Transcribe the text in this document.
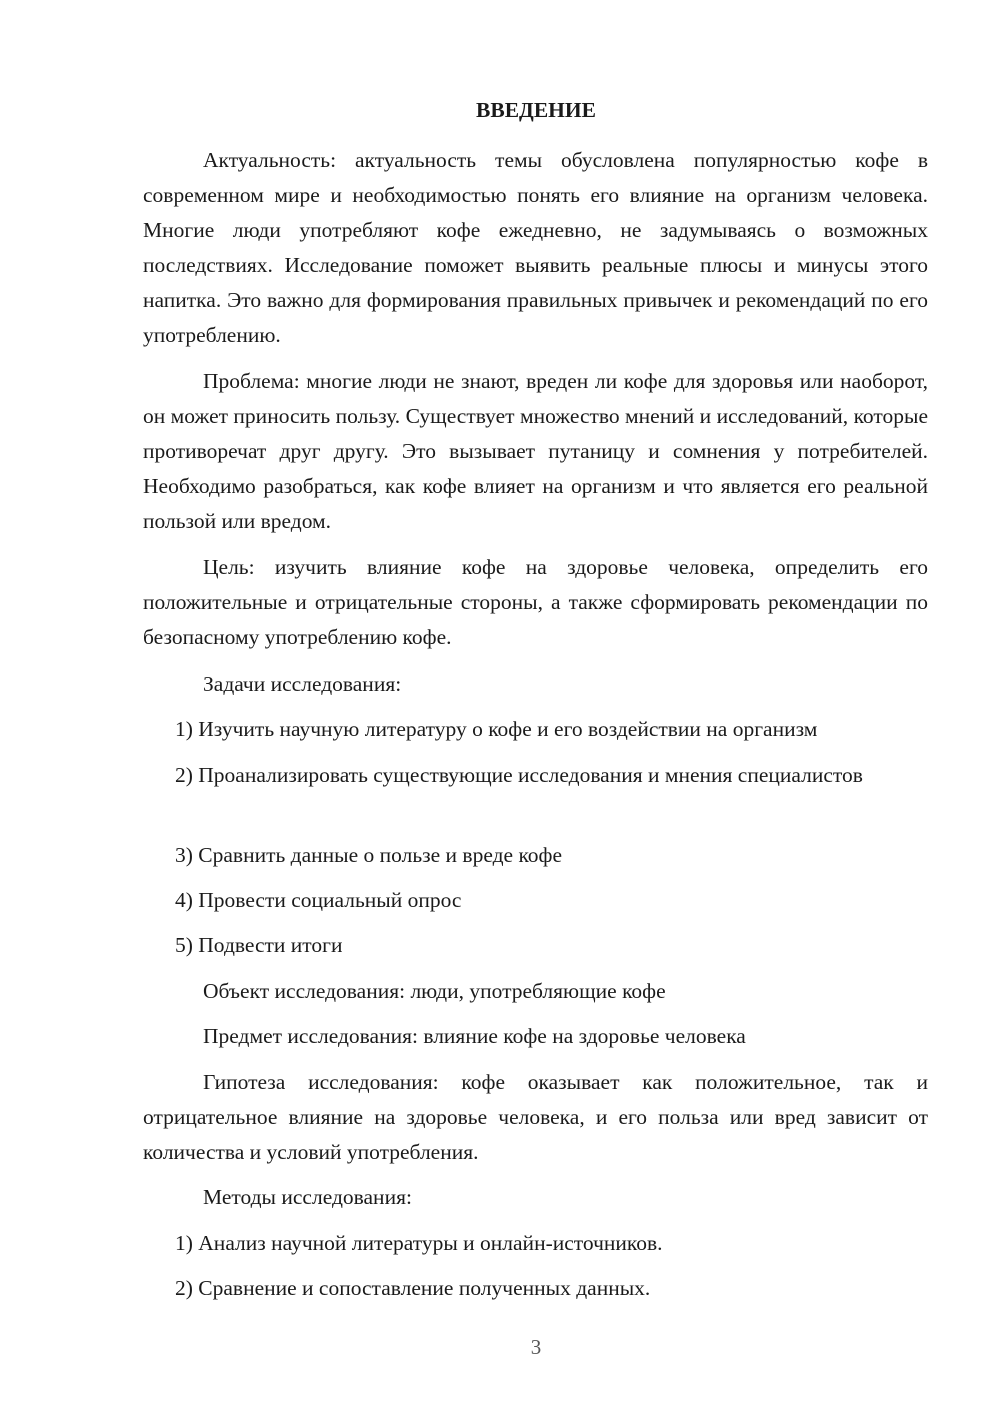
ВВЕДЕНИЕ

Актуальность: актуальность темы обусловлена популярностью кофе в современном мире и необходимостью понять его влияние на организм человека. Многие люди употребляют кофе ежедневно, не задумываясь о возможных последствиях. Исследование поможет выявить реальные плюсы и минусы этого напитка. Это важно для формирования правильных привычек и рекомендаций по его употреблению.

Проблема: многие люди не знают, вреден ли кофе для здоровья или наоборот, он может приносить пользу. Существует множество мнений и исследований, которые противоречат друг другу. Это вызывает путаницу и сомнения у потребителей. Необходимо разобраться, как кофе влияет на организм и что является его реальной пользой или вредом.

Цель: изучить влияние кофе на здоровье человека, определить его положительные и отрицательные стороны, а также сформировать рекомендации по безопасному употреблению кофе.

Задачи исследования:

1) Изучить научную литературу о кофе и его воздействии на организм

2) Проанализировать существующие исследования и мнения специалистов

3) Сравнить данные о пользе и вреде кофе

4) Провести социальный опрос

5) Подвести итоги

Объект исследования: люди, употребляющие кофе

Предмет исследования: влияние кофе на здоровье человека

Гипотеза исследования: кофе оказывает как положительное, так и отрицательное влияние на здоровье человека, и его польза или вред зависит от количества и условий употребления.

Методы исследования:

1) Анализ научной литературы и онлайн-источников.

2) Сравнение и сопоставление полученных данных.

3
